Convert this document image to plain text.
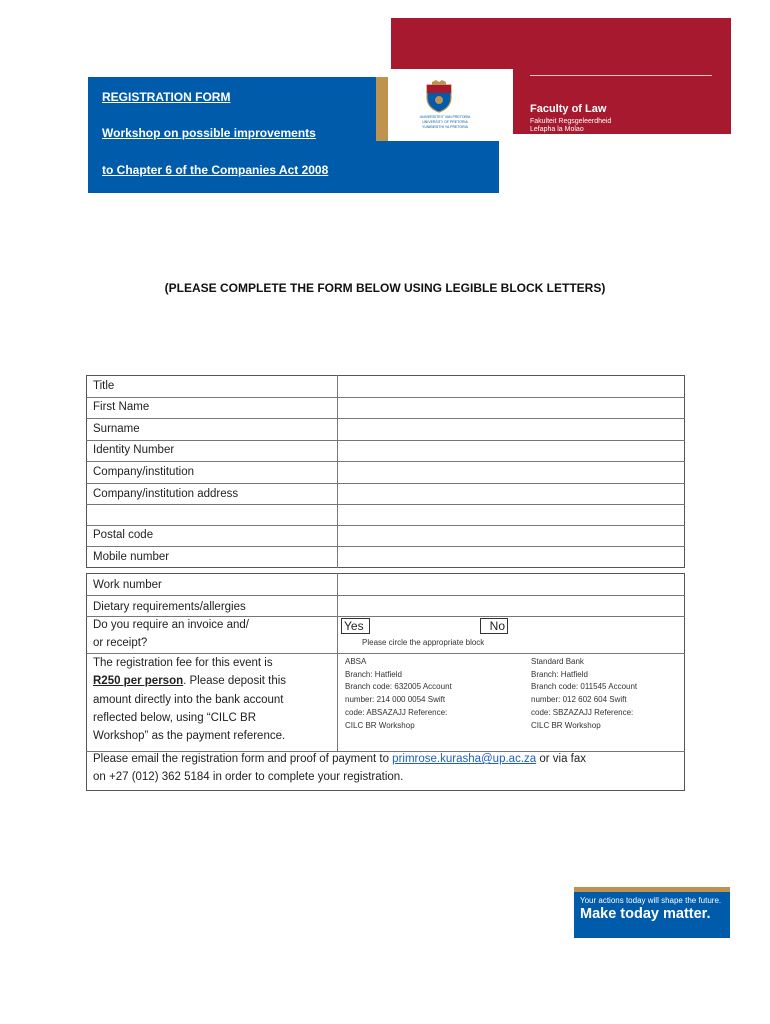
Faculty of Law
Fakulteit Regsgeleerdheid
Lefapha la Molao
UNIVERSITEIT VAN PRETORIA
UNIVERSITY OF PRETORIA
YUNIBESITHI YA PRETORIA
REGISTRATION FORM
Workshop on possible improvements
to Chapter 6 of the Companies Act 2008
(PLEASE COMPLETE THE FORM BELOW USING LEGIBLE BLOCK LETTERS)
Title
First Name
Surname
Identity Number
Company/institution
Company/institution address
Postal code
Mobile number
Work number
Dietary requirements/allergies
Do you require an invoice and/
or receipt?
Yes	No
Please circle the appropriate block
The registration fee for this event is
R250 per person. Please deposit this
amount directly into the bank account
reflected below, using “CILC BR
Workshop” as the payment reference.
ABSA
Branch: Hatfield
Branch code: 632005 Account
number: 214 000 0054 Swift
code: ABSAZAJJ Reference:
CILC BR Workshop
Standard Bank
Branch: Hatfield
Branch code: 011545 Account
number: 012 602 604 Swift
code: SBZAZAJJ Reference:
CILC BR Workshop
Please email the registration form and proof of payment to primrose.kurasha@up.ac.za or via fax
on +27 (012) 362 5184 in order to complete your registration.
Your actions today will shape the future.
Make today matter.
